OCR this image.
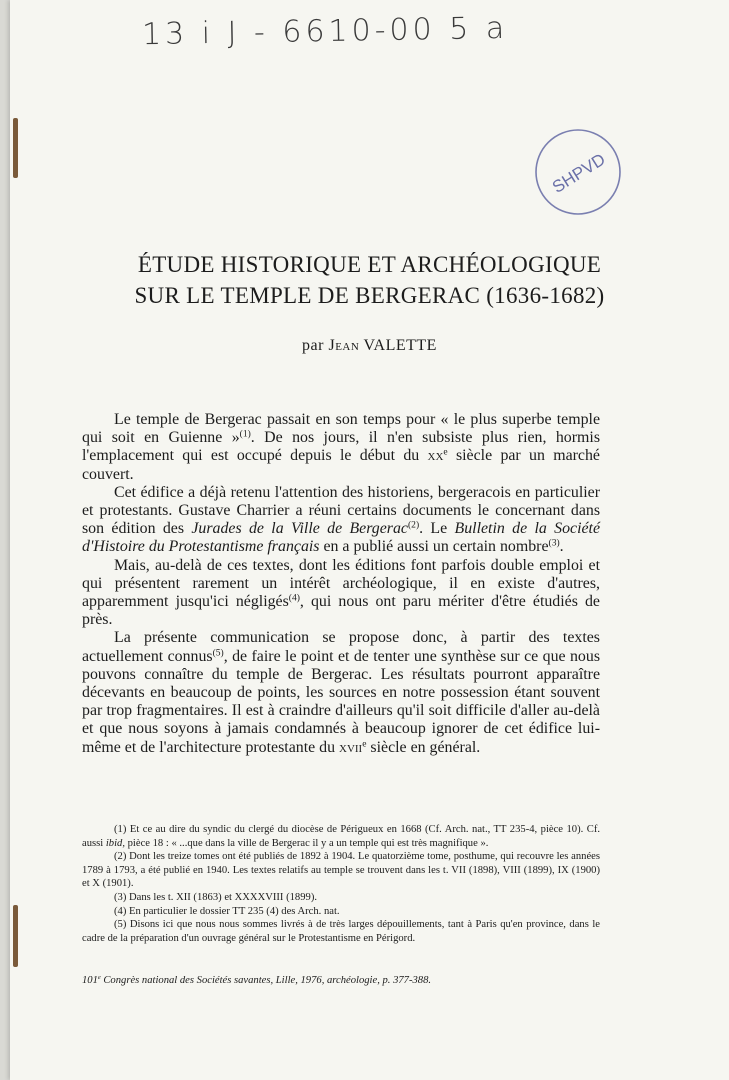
13 i J - 6610-00 5 a
SHPVD
ÉTUDE HISTORIQUE ET ARCHÉOLOGIQUE
SUR LE TEMPLE DE BERGERAC (1636-1682)
par Jean VALETTE

Le temple de Bergerac passait en son temps pour « le plus superbe temple qui soit en Guienne »$^{(1)}$. De nos jours, il n'en subsiste plus rien, hormis l'emplacement qui est occupé depuis le début du $xx^e$ siècle par un marché couvert.

Cet édifice a déjà retenu l'attention des historiens, bergeracois en particulier et protestants. Gustave Charrier a réuni certains documents le concernant dans son édition des Jurades de la Ville de Bergerac$^{(2)}$. Le Bulletin de la Société d'Histoire du Protestantisme français en a publié aussi un certain nombre$^{(3)}$.

Mais, au-delà de ces textes, dont les éditions font parfois double emploi et qui présentent rarement un intérêt archéologique, il en existe d'autres, apparemment jusqu'ici négligés$^{(4)}$, qui nous ont paru mériter d'être étudiés de près.

La présente communication se propose donc, à partir des textes actuellement connus$^{(5)}$, de faire le point et de tenter une synthèse sur ce que nous pouvons connaître du temple de Bergerac. Les résultats pourront apparaître décevants en beaucoup de points, les sources en notre possession étant souvent par trop fragmentaires. Il est à craindre d'ailleurs qu'il soit difficile d'aller au-delà et que nous soyons à jamais condamnés à beaucoup ignorer de cet édifice lui-même et de l'architecture protestante du xvii$^e$ siècle en général.

(1) Et ce au dire du syndic du clergé du diocèse de Périgueux en 1668 (Cf. Arch. nat., TT 235-4, pièce 10). Cf. aussi ibid, pièce 18 : « ...que dans la ville de Bergerac il y a un temple qui est très magnifique ».

(2) Dont les treize tomes ont été publiés de 1892 à 1904. Le quatorzième tome, posthume, qui recouvre les années 1789 à 1793, a été publié en 1940. Les textes relatifs au temple se trouvent dans les t. VII (1898), VIII (1899), IX (1900) et X (1901).

(3) Dans les t. XII (1863) et XXXXVIII (1899).

(4) En particulier le dossier TT 235 (4) des Arch. nat.

(5) Disons ici que nous nous sommes livrés à de très larges dépouillements, tant à Paris qu'en province, dans le cadre de la préparation d'un ouvrage général sur le Protestantisme en Périgord.

101e Congrès national des Sociétés savantes, Lille, 1976, archéologie, p. 377-388.
